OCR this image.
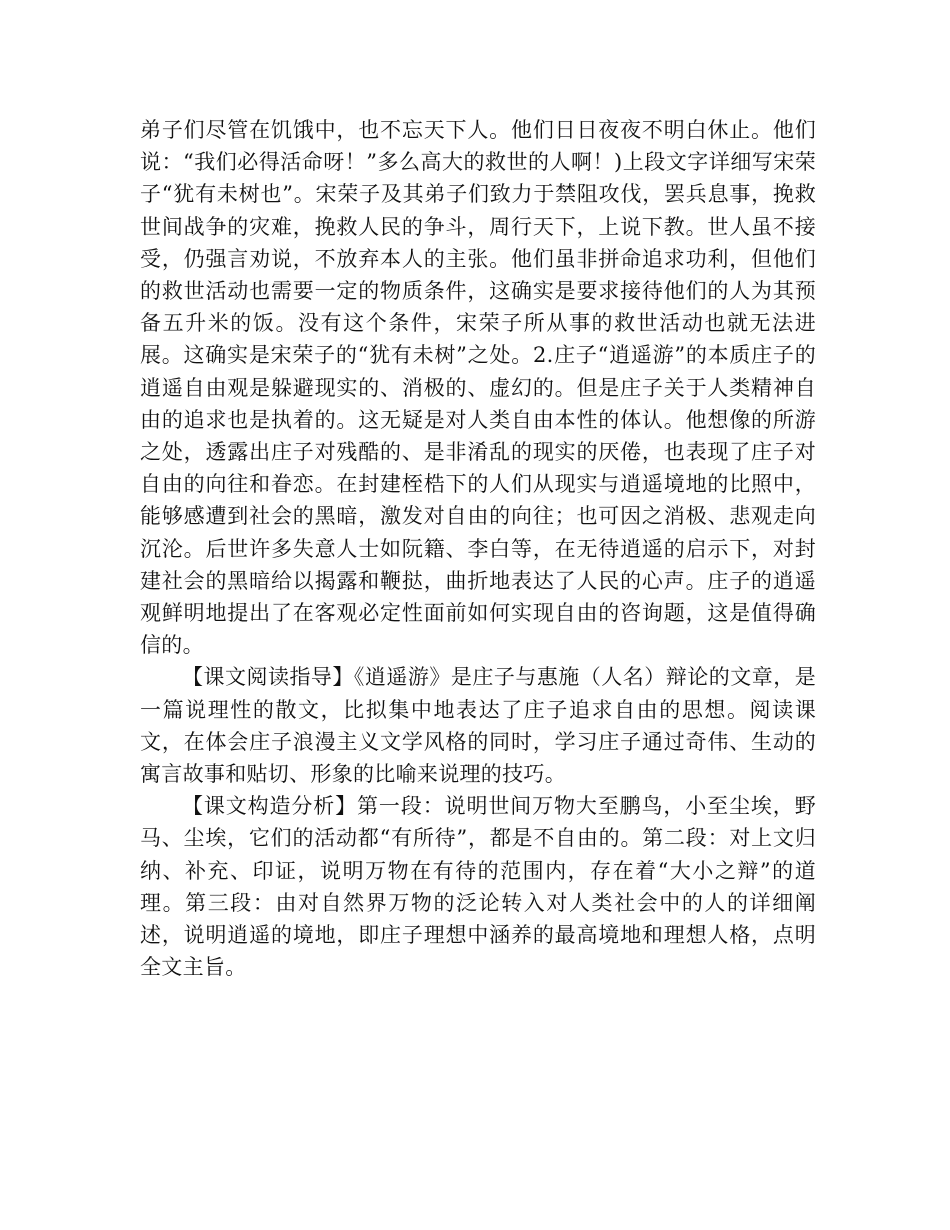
弟子们尽管在饥饿中，也不忘天下人。他们日日夜夜不明白休止。他们说：“我们必得活命呀！”多么高大的救世的人啊！)上段文字详细写宋荣子“犹有未树也”。宋荣子及其弟子们致力于禁阻攻伐，罢兵息事，挽救世间战争的灾难，挽救人民的争斗，周行天下，上说下教。世人虽不接受，仍强言劝说，不放弃本人的主张。他们虽非拼命追求功利，但他们的救世活动也需要一定的物质条件，这确实是要求接待他们的人为其预备五升米的饭。没有这个条件，宋荣子所从事的救世活动也就无法进展。这确实是宋荣子的“犹有未树”之处。2.庄子“逍遥游”的本质庄子的逍遥自由观是躲避现实的、消极的、虚幻的。但是庄子关于人类精神自由的追求也是执着的。这无疑是对人类自由本性的体认。他想像的所游之处，透露出庄子对残酷的、是非淆乱的现实的厌倦，也表现了庄子对自由的向往和眷恋。在封建桎梏下的人们从现实与逍遥境地的比照中，能够感遭到社会的黑暗，激发对自由的向往；也可因之消极、悲观走向沉沦。后世许多失意人士如阮籍、李白等，在无待逍遥的启示下，对封建社会的黑暗给以揭露和鞭挞，曲折地表达了人民的心声。庄子的逍遥观鲜明地提出了在客观必定性面前如何实现自由的咨询题，这是值得确信的。

【课文阅读指导】《逍遥游》是庄子与惠施（人名）辩论的文章，是一篇说理性的散文，比拟集中地表达了庄子追求自由的思想。阅读课文，在体会庄子浪漫主义文学风格的同时，学习庄子通过奇伟、生动的寓言故事和贴切、形象的比喻来说理的技巧。

【课文构造分析】第一段：说明世间万物大至鹏鸟，小至尘埃，野马、尘埃，它们的活动都“有所待”，都是不自由的。第二段：对上文归纳、补充、印证，说明万物在有待的范围内，存在着“大小之辩”的道理。第三段：由对自然界万物的泛论转入对人类社会中的人的详细阐述，说明逍遥的境地，即庄子理想中涵养的最高境地和理想人格，点明全文主旨。
